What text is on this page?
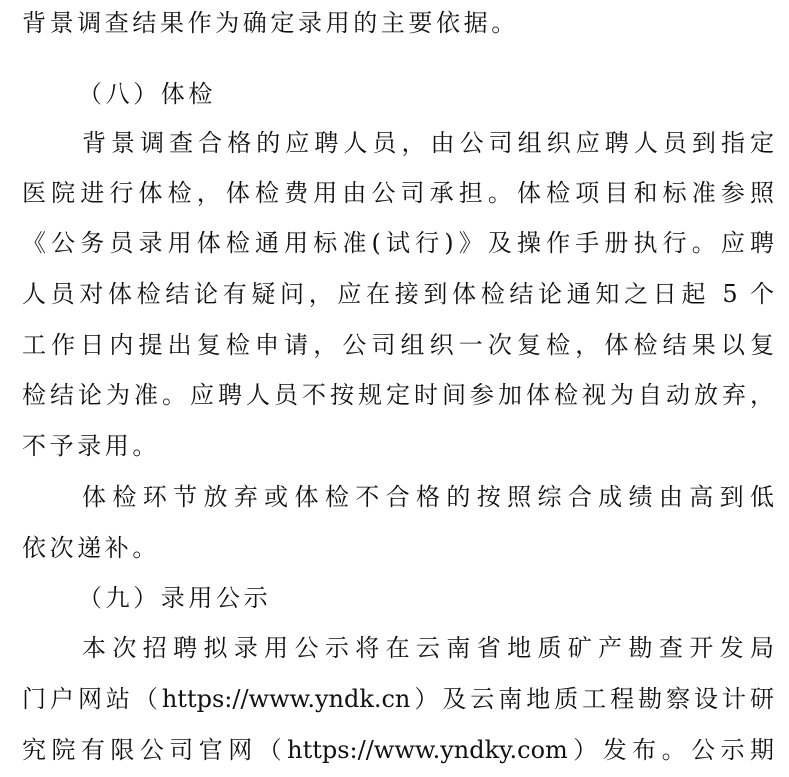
背景调查结果作为确定录用的主要依据。
（八）体检
背景调查合格的应聘人员，由公司组织应聘人员到指定
医院进行体检，体检费用由公司承担。体检项目和标准参照
《公务员录用体检通用标准(试行)》及操作手册执行。应聘
人员对体检结论有疑问，应在接到体检结论通知之日起 5 个
工作日内提出复检申请，公司组织一次复检，体检结果以复
检结论为准。应聘人员不按规定时间参加体检视为自动放弃，
不予录用。
体检环节放弃或体检不合格的按照综合成绩由高到低
依次递补。
（九）录用公示
本次招聘拟录用公示将在云南省地质矿产勘查开发局
门户网站（https://www.yndk.cn）及云南地质工程勘察设计研
究院有限公司官网（https://www.yndky.com）发布。公示期
